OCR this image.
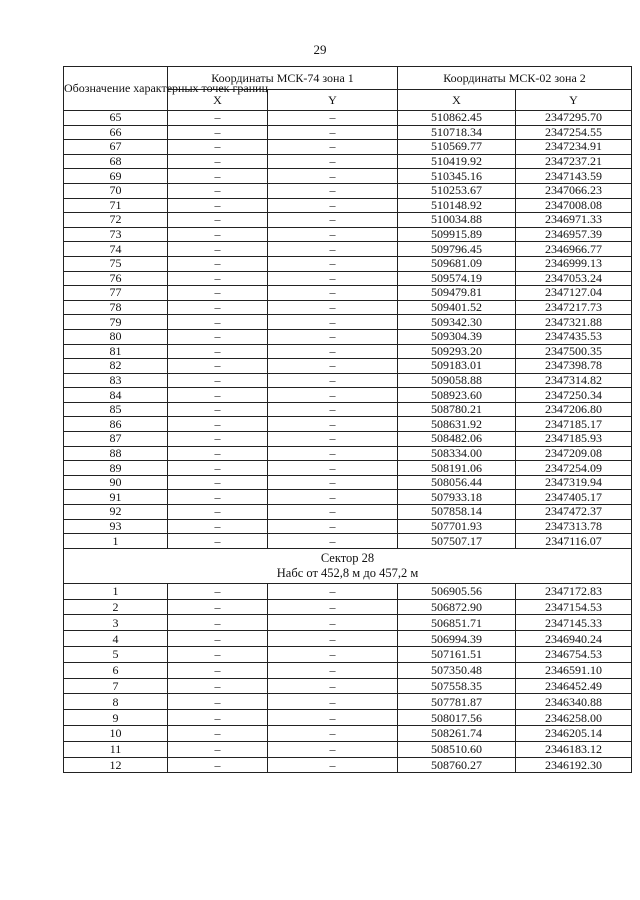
29
Обозначение характерных точек границ	Координаты МСК-74 зона 1		Координаты МСК-02 зона 2	
	X	Y	X	Y
65	–	–	510862.45	2347295.70
66	–	–	510718.34	2347254.55
67	–	–	510569.77	2347234.91
68	–	–	510419.92	2347237.21
69	–	–	510345.16	2347143.59
70	–	–	510253.67	2347066.23
71	–	–	510148.92	2347008.08
72	–	–	510034.88	2346971.33
73	–	–	509915.89	2346957.39
74	–	–	509796.45	2346966.77
75	–	–	509681.09	2346999.13
76	–	–	509574.19	2347053.24
77	–	–	509479.81	2347127.04
78	–	–	509401.52	2347217.73
79	–	–	509342.30	2347321.88
80	–	–	509304.39	2347435.53
81	–	–	509293.20	2347500.35
82	–	–	509183.01	2347398.78
83	–	–	509058.88	2347314.82
84	–	–	508923.60	2347250.34
85	–	–	508780.21	2347206.80
86	–	–	508631.92	2347185.17
87	–	–	508482.06	2347185.93
88	–	–	508334.00	2347209.08
89	–	–	508191.06	2347254.09
90	–	–	508056.44	2347319.94
91	–	–	507933.18	2347405.17
92	–	–	507858.14	2347472.37
93	–	–	507701.93	2347313.78
1	–	–	507507.17	2347116.07

Сектор 28
Набс от 452,8 м до 457,2 м				

1	–	–	506905.56	2347172.83
2	–	–	506872.90	2347154.53
3	–	–	506851.71	2347145.33
4	–	–	506994.39	2346940.24
5	–	–	507161.51	2346754.53
6	–	–	507350.48	2346591.10
7	–	–	507558.35	2346452.49
8	–	–	507781.87	2346340.88
9	–	–	508017.56	2346258.00
10	–	–	508261.74	2346205.14
11	–	–	508510.60	2346183.12
12	–	–	508760.27	2346192.30
